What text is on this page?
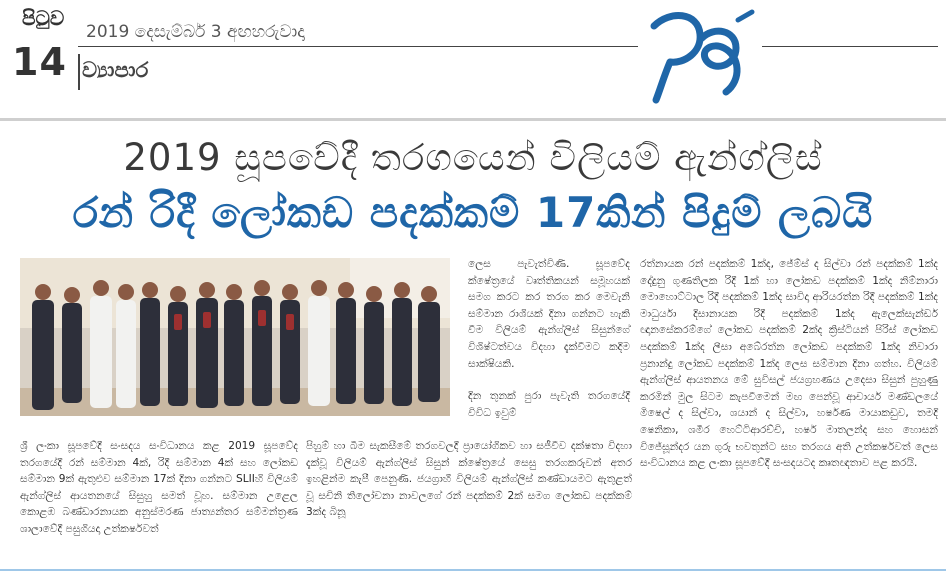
පිටුව
14
2019 දෙසැම්බර් 3 අඟහරුවාදා
ව්‍යාපාර
2019 සූපවේදී තරගයෙන් විලියම් ඇන්ග්ලිස්
රන් රිදී ලෝකඩ පදක්කම් 17කින් පිදුම් ලබයි

ශ්‍රී ලංකා සූපවේදී සංසදය සංවිධානය කළ 2019 සූපවේද තරගයේදී රන් සම්මාන 4ක්, රිදී සම්මාන 4ක් සහ ලෝකඩ සම්මාන 9ක් ඇතුළුව සම්මාන 17ක් දිනා ගන්නට SLIIහි විලියම් ඇන්ග්ලිස් ආයතනයේ සිසුහු සමත් වූහ. සම්මාන උළෙල කොළඹ බණ්ඩාරනායක අනුස්මරණ ජාත්‍යන්තර සම්මන්ත්‍රණ ශාලාවේදී පසුගියදා උත්කර්ෂවත්

ලෙස පැවැත්විණි. සූපවේද ක්ෂේත්‍රයේ වෘත්තිකයන් සමූහයක් සමග කරට කර තරග කර මෙවැනි සම්මාන රාශියක් දිනා ගන්නට හැකි වීම විලියම් ඇන්ග්ලිස් සිසුන්ගේ විශිෂ්ටත්වය විදහා දැක්වීමට කදිම සාක්ෂියකි.

දින තුනක් පුරා පැවැති තරගයේදී විවිධ ඉවුම්

පිහුම් හා බීම සැකසීමේ තරගවලදී ප්‍රායෝගිකව හා සජීවීව දක්ෂතා විදහා දැක්වූ විලියම් ඇන්ග්ලිස් සිසුන් ක්ෂේත්‍රයේ සෙසු තරගකරුවන් අතර ඉහළින්ම කැපී පෙනුණි. ජයග්‍රාහී විලියම් ඇන්ග්ලිස් කණ්ඩායමට ඇතුළත් වූ සචිනි තිලෝචනා නාවලගේ රන් පදක්කම් 2ක් සමග ලෝකඩ පදක්කම් 3ක්ද බිනූ

රත්නායක රන් පදක්කම් 1ක්ද, ජේම්ස් ද සිල්වා රන් පදක්කම් 1ක්ද දේදුනු ගුණතිලක රිදී 1ක් හා ලෝකඩ පදක්කම් 1ක්ද නිම්නාරා මොහොට්ටාල රිදී පදක්කම් 1ක්ද සාවිදා ආරියරත්න රිදී පදක්කම් 1ක්ද මාධුර්යා දිසානායක රිදී පදක්කම් 1ක්ද ඇලෙක්සැන්ඩර් ඥානසේකරම්ගේ ලෝකඩ පදක්කම් 2ක්ද ක්‍රිස්ටියන් පිරිස් ලෝකඩ පදක්කම් 1ක්ද ලීසා අබේරත්න ලෝකඩ පදක්කම් 1ක්ද නිවාරා ප්‍රනාන්දු ලෝකඩ පදක්කම් 1ක්ද ලෙස සම්මාන දිනා ගත්හ. විලියම් ඇන්ග්ලිස් ආයතනය මේ සුවිසල් ජයග්‍රහණය උදෙසා සිසුන් පුහුණු කරමින් මුල සිටම කැපවීමෙන් මඟ පෙන්වූ ආචාර්ය මණ්ඩලයේ මිෂෙල් ද සිල්වා, ශයාන් ද සිල්වා, හර්ෂණ මායාකඩුව, තමදි ෂෙනිකා, ශමීර හෙට්ටිආරච්චි, හර්ෂ මාතලන්ද සහ හොසන් විජේසූන්දර යන ගුරු භවතුන්ට සහ තරගය අති උත්කර්ෂවත් ලෙස සංවිධානය කළ ලංකා සූපවේදී සංසදයටද කෘතඥතාව පළ කරයි.
